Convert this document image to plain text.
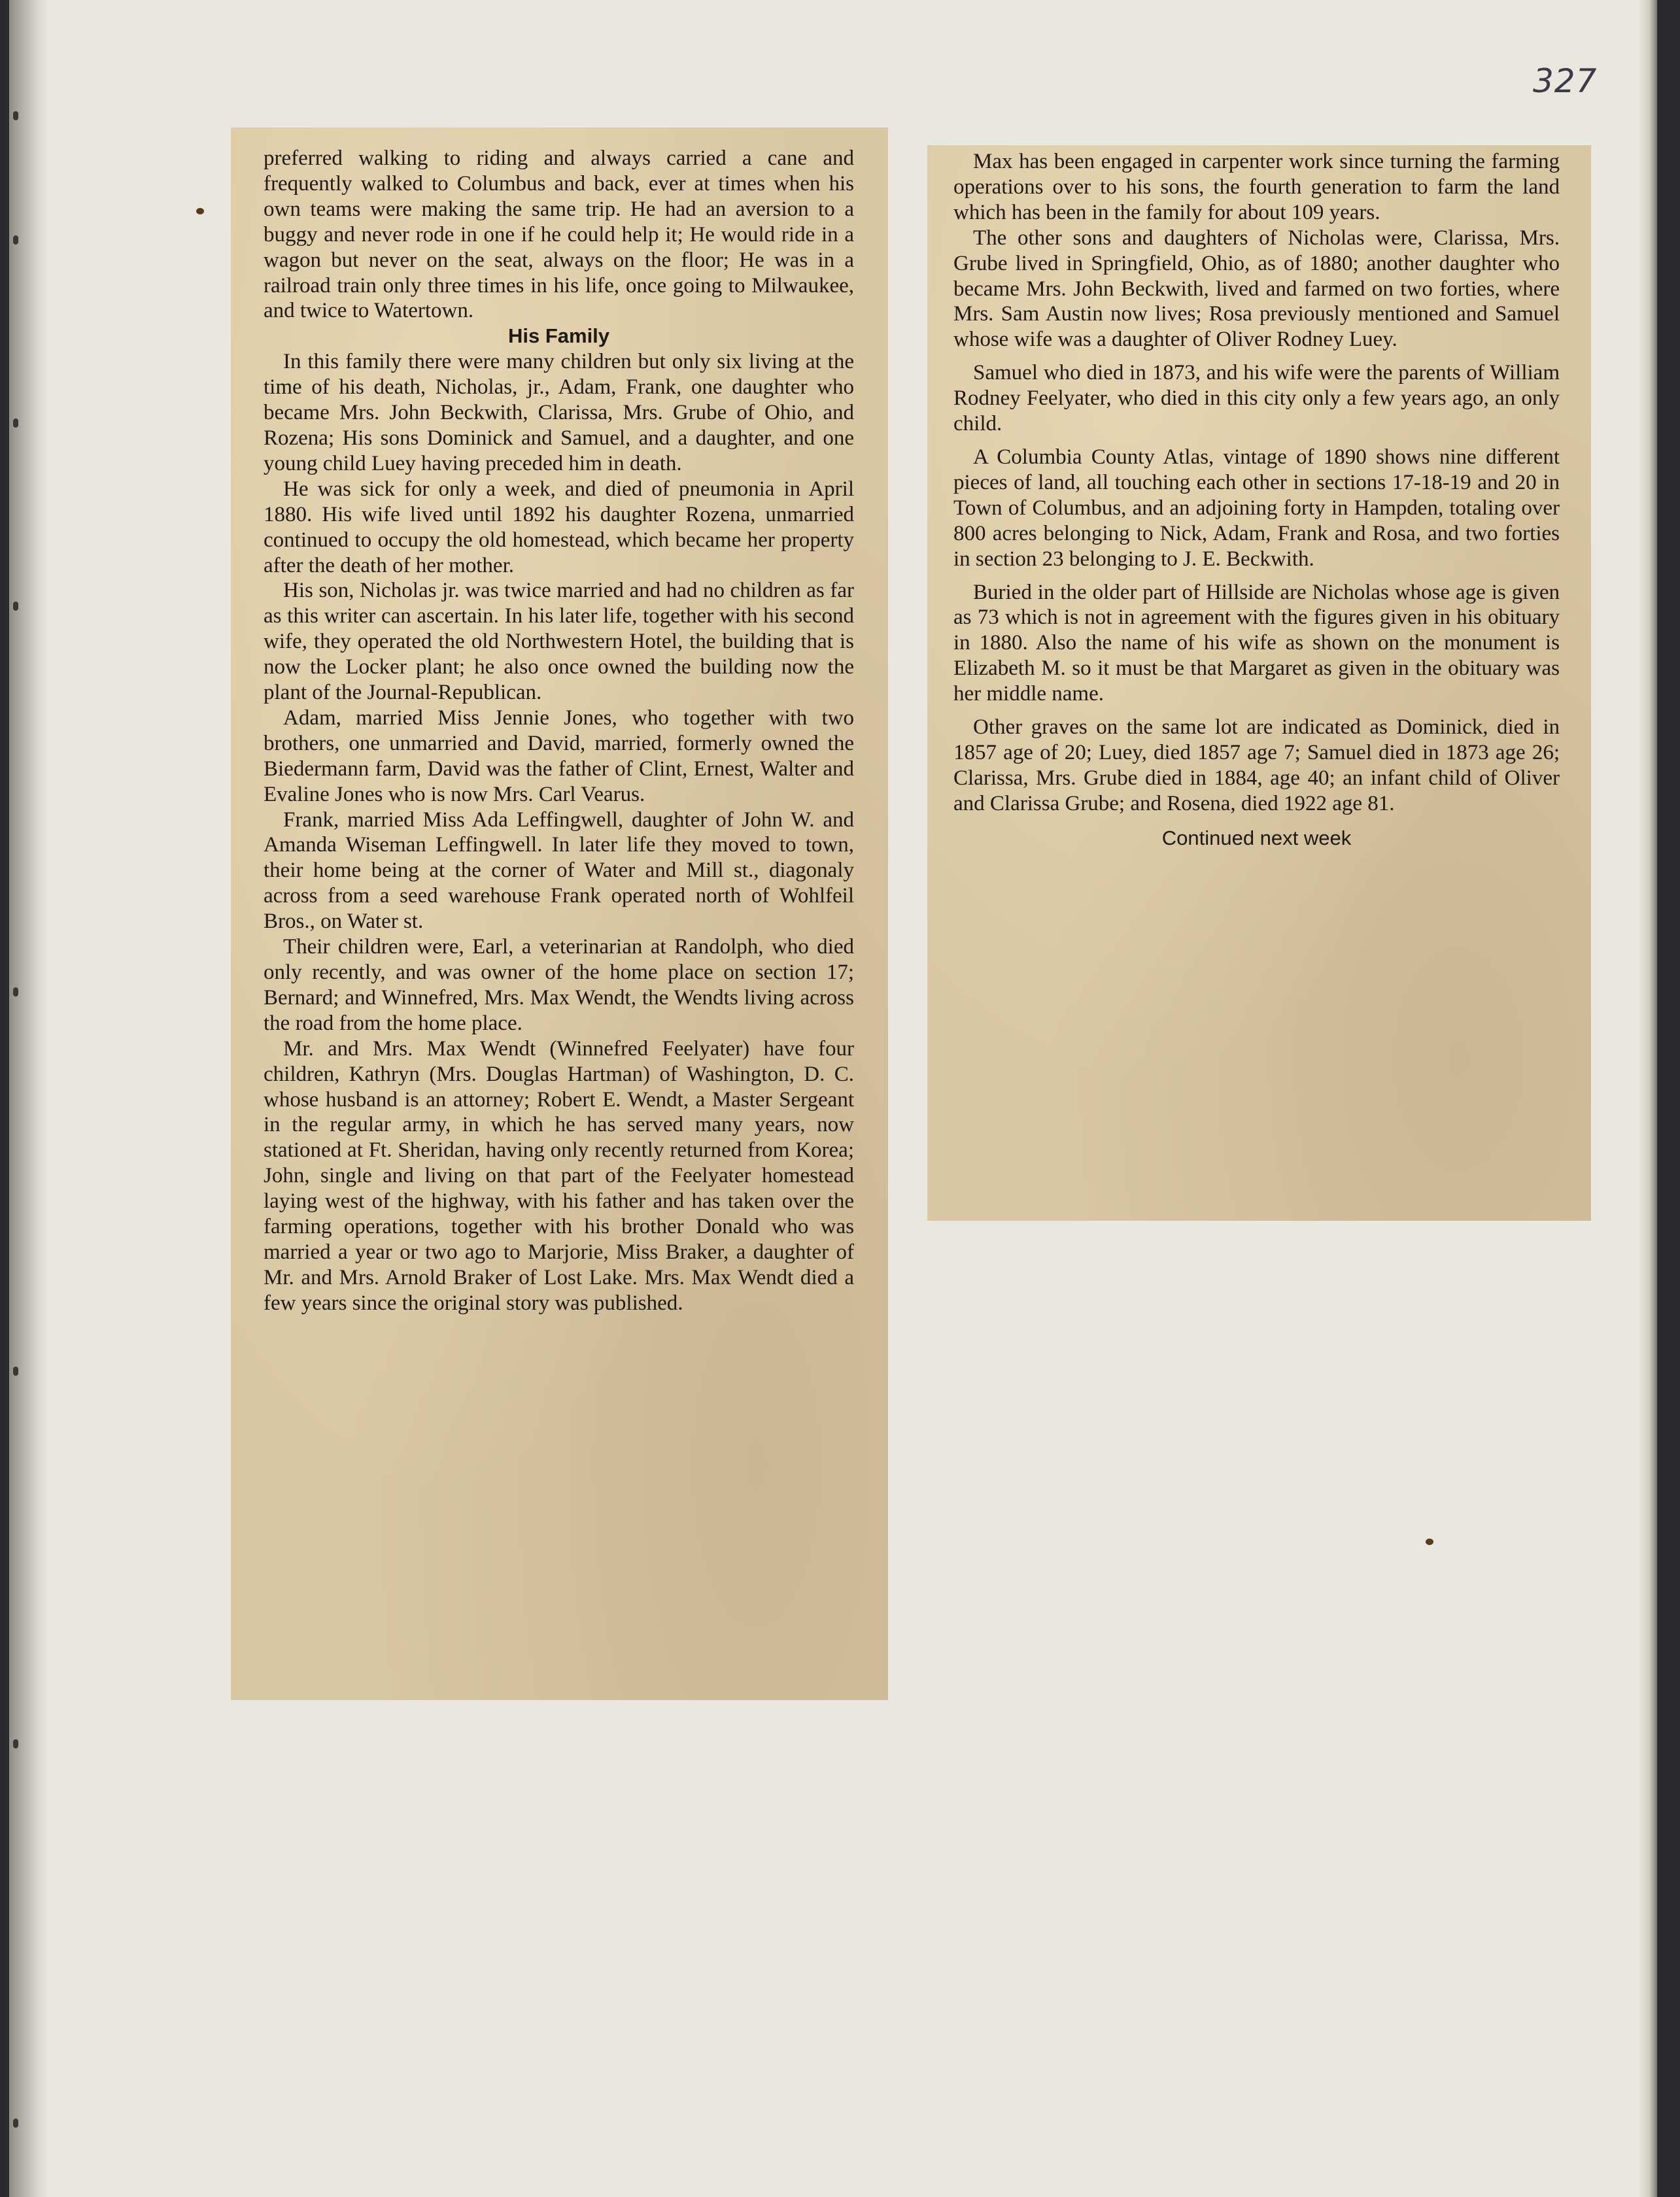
327

preferred walking to riding and always carried a cane and frequently walked to Columbus and back, ever at times when his own teams were making the same trip. He had an aversion to a buggy and never rode in one if he could help it; He would ride in a wagon but never on the seat, always on the floor; He was in a railroad train only three times in his life, once going to Milwaukee, and twice to Watertown.

His Family

In this family there were many children but only six living at the time of his death, Nicholas, jr., Adam, Frank, one daughter who became Mrs. John Beckwith, Clarissa, Mrs. Grube of Ohio, and Rozena; His sons Dominick and Samuel, and a daughter, and one young child Luey having preceded him in death.

He was sick for only a week, and died of pneumonia in April 1880. His wife lived until 1892 his daughter Rozena, unmarried continued to occupy the old homestead, which became her property after the death of her mother.

His son, Nicholas jr. was twice married and had no children as far as this writer can ascertain. In his later life, together with his second wife, they operated the old Northwestern Hotel, the building that is now the Locker plant; he also once owned the building now the plant of the Journal-Republican.

Adam, married Miss Jennie Jones, who together with two brothers, one unmarried and David, married, formerly owned the Biedermann farm, David was the father of Clint, Ernest, Walter and Evaline Jones who is now Mrs. Carl Vearus.

Frank, married Miss Ada Leffingwell, daughter of John W. and Amanda Wiseman Leffingwell. In later life they moved to town, their home being at the corner of Water and Mill st., diagonaly across from a seed warehouse Frank operated north of Wohlfeil Bros., on Water st.

Their children were, Earl, a veterinarian at Randolph, who died only recently, and was owner of the home place on section 17; Bernard; and Winnefred, Mrs. Max Wendt, the Wendts living across the road from the home place.

Mr. and Mrs. Max Wendt (Winnefred Feelyater) have four children, Kathryn (Mrs. Douglas Hartman) of Washington, D. C. whose husband is an attorney; Robert E. Wendt, a Master Sergeant in the regular army, in which he has served many years, now stationed at Ft. Sheridan, having only recently returned from Korea; John, single and living on that part of the Feelyater homestead laying west of the highway, with his father and has taken over the farming operations, together with his brother Donald who was married a year or two ago to Marjorie, Miss Braker, a daughter of Mr. and Mrs. Arnold Braker of Lost Lake. Mrs. Max Wendt died a few years since the original story was published.

Max has been engaged in carpenter work since turning the farming operations over to his sons, the fourth generation to farm the land which has been in the family for about 109 years.

The other sons and daughters of Nicholas were, Clarissa, Mrs. Grube lived in Springfield, Ohio, as of 1880; another daughter who became Mrs. John Beckwith, lived and farmed on two forties, where Mrs. Sam Austin now lives; Rosa previously mentioned and Samuel whose wife was a daughter of Oliver Rodney Luey.

Samuel who died in 1873, and his wife were the parents of William Rodney Feelyater, who died in this city only a few years ago, an only child.

A Columbia County Atlas, vintage of 1890 shows nine different pieces of land, all touching each other in sections 17-18-19 and 20 in Town of Columbus, and an adjoining forty in Hampden, totaling over 800 acres belonging to Nick, Adam, Frank and Rosa, and two forties in section 23 belonging to J. E. Beckwith.

Buried in the older part of Hillside are Nicholas whose age is given as 73 which is not in agreement with the figures given in his obituary in 1880. Also the name of his wife as shown on the monument is Elizabeth M. so it must be that Margaret as given in the obituary was her middle name.

Other graves on the same lot are indicated as Dominick, died in 1857 age of 20; Luey, died 1857 age 7; Samuel died in 1873 age 26; Clarissa, Mrs. Grube died in 1884, age 40; an infant child of Oliver and Clarissa Grube; and Rosena, died 1922 age 81.

Continued next week
